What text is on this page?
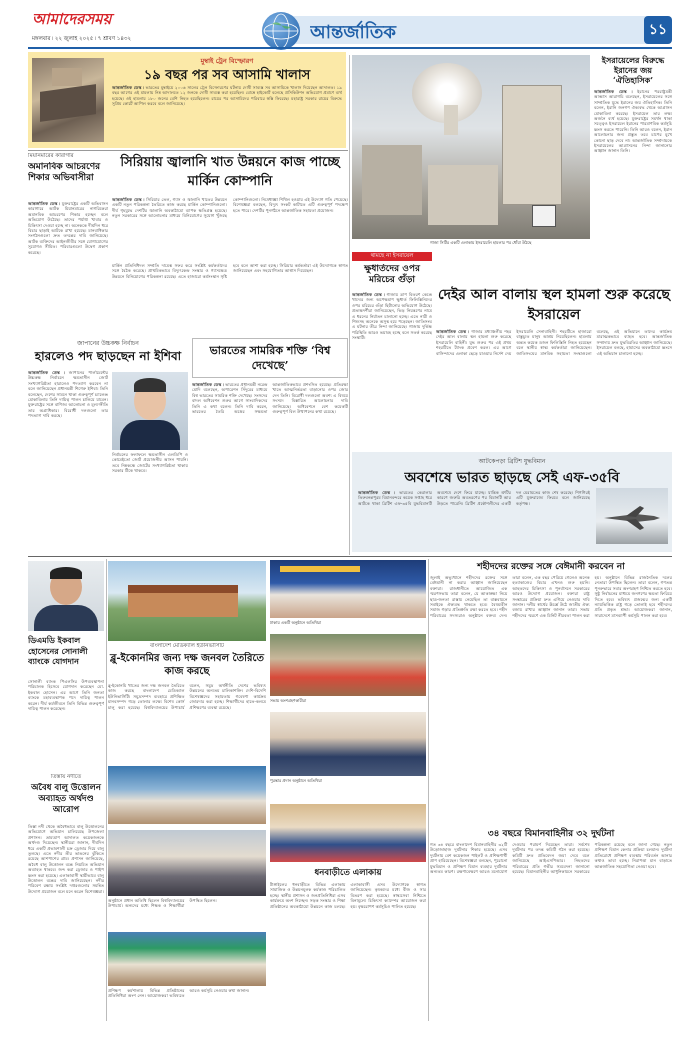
আমাদেরসময়
মঙ্গলবার ৷ ২২ জুলাই ২০২৫ ৷ ৭ শ্রাবণ ১৪৩২	আন্তর্জাতিক	১১
মুম্বাই ট্রেন বিস্ফোরণ
১৯ বছর পর সব আসামি খালাস
আন্তর্জাতিক ডেস্ক ৷ ভারতের মুম্বাইয়ে ২০০৬ সালের ট্রেন বিস্ফোরণের ঘটনায় দোষী সাব্যস্ত সব আসামিকে খালাস দিয়েছেন আদালত। ১৯ বছর আগের এই মামলায় নিম্ন আদালতে ১২ জনকে দোষী সাব্যস্ত করা হয়েছিল। বোম্বে হাইকোর্ট বলেছে প্রসিকিউশন অভিযোগ প্রমাণে ব্যর্থ হয়েছে। ওই হামলায় ১৮০ জনের বেশি নিহত হয়েছিলেন। রায়ের পর আসামিদের পরিবারে স্বস্তি ফিরেছে। মহারাষ্ট্র সরকার রায়ের বিরুদ্ধে সুপ্রিম কোর্টে আপিল করবে বলে জানিয়েছে।
গাজা সিটির একটি এলাকায় ইসরায়েলি হামলার পর ধোঁয়া উঠছে
ইসরায়েলের বিরুদ্ধে ইরানের জয় ‘ঐতিহাসিক’
আন্তর্জাতিক ডেস্ক ৷ ইরানের পররাষ্ট্রমন্ত্রী আব্বাস আরাগচি বলেছেন, ইসরায়েলের সঙ্গে সাম্প্রতিক যুদ্ধে ইরানের জয় ঐতিহাসিক। তিনি বলেন, ইরানি জনগণ ঐক্যবদ্ধ থেকে আগ্রাসন মোকাবিলা করেছে। ইসরায়েল তার লক্ষ্য অর্জনে ব্যর্থ হয়েছে। যুক্তরাষ্ট্রের সমর্থন থাকা সত্ত্বেও ইসরায়েল ইরানের পারমাণবিক কর্মসূচি ধ্বংস করতে পারেনি। তিনি আরও বলেন, ইরান আলোচনার জন্য প্রস্তুত তবে চাপের মুখে কোনো ছাড় দেবে না। আন্তর্জাতিক সম্প্রদায়কে ইসরায়েলের আগ্রাসনের নিন্দা জানানোর আহ্বান জানান তিনি।
মিয়ানমারের কারাগার
অমানবিক আচরণের শিকার অভিবাসীরা
আন্তর্জাতিক ডেস্ক ৷ যুক্তরাষ্ট্রের একটি অভিবাসন কারাগারে আটক মিয়ানমারের নাগরিকেরা অমানবিক আচরণের শিকার হচ্ছেন বলে অভিযোগ উঠেছে। তাদের পর্যাপ্ত খাবার ও চিকিৎসা দেওয়া হচ্ছে না। অনেককে দীর্ঘদিন ধরে বিচার ছাড়াই আটকে রাখা হয়েছে। মানবাধিকার সংগঠনগুলো দ্রুত তদন্তের দাবি জানিয়েছে। আটক ব্যক্তিদের আইনজীবীর সঙ্গে যোগাযোগের সুযোগও সীমিত। পরিবারগুলো উদ্বেগ প্রকাশ করেছে।
সিরিয়ায় জ্বালানি খাত উন্নয়নে কাজ পাচ্ছে মার্কিন কোম্পানি
আন্তর্জাতিক ডেস্ক ৷ সিরিয়ার তেল, গ্যাস ও জ্বালানি খাতের উন্নয়নে একটি নতুন পরিকল্পনা তৈরিতে কাজ করছে মার্কিন কোম্পানিগুলো। দীর্ঘ গৃহযুদ্ধে দেশটির জ্বালানি অবকাঠামো ব্যাপক ক্ষতিগ্রস্ত হয়েছে। নতুন সরকারের সঙ্গে আলোচনার মাধ্যমে বিনিয়োগের সুযোগ খুঁজছে কোম্পানিগুলো। নিষেধাজ্ঞা শিথিল হওয়ায় এই উদ্যোগ গতি পেয়েছে। বিশেষজ্ঞরা বলছেন, বিদ্যুৎ সংকট কাটাতে এটি গুরুত্বপূর্ণ পদক্ষেপ হতে পারে। দেশটির পুনর্গঠনে আন্তর্জাতিক সহায়তা প্রয়োজন।
মার্কিন প্রতিনিধিদল সম্প্রতি দামেস্ক সফর করে সংশ্লিষ্ট কর্মকর্তাদের সঙ্গে বৈঠক করেছে। প্রাথমিকভাবে বিদ্যুৎকেন্দ্র সংস্কার ও গ্যাসক্ষেত্র উন্নয়নে বিনিয়োগের পরিকল্পনা রয়েছে। এতে হাজারো কর্মসংস্থান সৃষ্টি হবে বলে আশা করা হচ্ছে। সিরিয়ার কর্মকর্তারা এই উদ্যোগকে স্বাগত জানিয়েছেন এবং সহযোগিতার আশ্বাস দিয়েছেন।
থামছে না ইসরায়েল
ক্ষুধার্তদের ওপর মরিচের গুঁড়া
আন্তর্জাতিক ডেস্ক ৷ গাজায় ত্রাণ বিতরণ কেন্দ্রে খাদ্যের জন্য অপেক্ষমাণ ক্ষুধার্ত ফিলিস্তিনিদের ওপর মরিচের গুঁড়া ছিটানোর অভিযোগ উঠেছে। প্রত্যক্ষদর্শীরা জানিয়েছেন, ভিড় নিয়ন্ত্রণের নামে এ ধরনের নির্যাতন চালানো হচ্ছে। এতে নারী ও শিশুসহ অনেকে অসুস্থ হয়ে পড়েছেন। জাতিসংঘ এ ঘটনার তীব্র নিন্দা জানিয়েছে। গাজায় দুর্ভিক্ষ পরিস্থিতি আরও ভয়াবহ হচ্ছে বলে সতর্ক করেছে সংস্থাটি।
দেইর আল বালায় স্থল হামলা শুরু করেছে ইসরায়েল
আন্তর্জাতিক ডেস্ক ৷ গাজার মধ্যাঞ্চলীয় শহর দেইর আল বালায় স্থল হামলা শুরু করেছে ইসরায়েলি বাহিনী। যুদ্ধ শুরুর পর এই প্রথম শহরটিতে ট্যাংক প্রবেশ করল। এর আগে বাসিন্দাদের এলাকা ছেড়ে যাওয়ার নির্দেশ দেয় ইসরায়েলি সেনাবাহিনী। শহরটিতে হাজারো বাস্তুচ্যুত মানুষ আশ্রয় নিয়েছিলেন। হামলায় অন্তত কয়েক ডজন ফিলিস্তিনি নিহত হয়েছেন বলে স্থানীয় স্বাস্থ্য কর্মকর্তারা জানিয়েছেন। জাতিসংঘের মানবিক সহায়তা সংস্থাগুলো বলেছে, এই অভিযানে তাদের কার্যক্রম মারাত্মকভাবে ব্যাহত হবে। আন্তর্জাতিক সম্প্রদায় দ্রুত যুদ্ধবিরতির আহ্বান জানিয়েছে। ইসরায়েল বলছে, হামাসের অবকাঠামো ধ্বংসে এই অভিযান চালানো হচ্ছে।
জাপানের উচ্চকক্ষ নির্বাচন
হারলেও পদ ছাড়ছেন না ইশিবা
আন্তর্জাতিক ডেস্ক ৷ জাপানের পার্লামেন্টের উচ্চকক্ষ নির্বাচনে ক্ষমতাসীন জোট সংখ্যাগরিষ্ঠতা হারালেও পদত্যাগ করবেন না বলে জানিয়েছেন প্রধানমন্ত্রী শিগেরু ইশিবা। তিনি বলেছেন, দেশের সামনে থাকা গুরুত্বপূর্ণ চ্যালেঞ্জ মোকাবিলায় তিনি দায়িত্ব পালন চালিয়ে যাবেন। যুক্তরাষ্ট্রের সঙ্গে বাণিজ্য আলোচনা ও মূল্যস্ফীতি তার অগ্রাধিকার। বিরোধী দলগুলো তার পদত্যাগ দাবি করছে।
নির্বাচনের ফলাফলে ক্ষমতাসীন এলডিপি ও কোমেইতো জোট প্রয়োজনীয় আসন পায়নি। তবে নিম্নকক্ষে জোটের সংখ্যাগরিষ্ঠতা থাকায় সরকার টিকে থাকবে।
ভারতের সামরিক শক্তি ‘বিশ্ব দেখেছে’
আন্তর্জাতিক ডেস্ক ৷ ভারতের প্রধানমন্ত্রী নরেন্দ্র মোদি বলেছেন, অপারেশন সিঁদুরের মাধ্যমে বিশ্ব ভারতের সামরিক শক্তি দেখেছে। সংসদের বাদল অধিবেশন শুরুর আগে সাংবাদিকদের তিনি এ কথা বলেন। তিনি দাবি করেন, ভারতের তৈরি অস্ত্রের সক্ষমতা আন্তর্জাতিকভাবে প্রশংসিত হয়েছে। প্রতিরক্ষা খাতে আত্মনির্ভরতা বাড়ানোর ওপর জোর দেন তিনি। বিরোধী দলগুলো অবশ্য এ বিষয়ে সংসদে বিস্তারিত আলোচনার দাবি জানিয়েছে। অধিবেশনে বেশ কয়েকটি গুরুত্বপূর্ণ বিল উত্থাপনের কথা রয়েছে।
আটকেপড়া ব্রিটিশ যুদ্ধবিমান
অবশেষে ভারত ছাড়ছে সেই এফ-৩৫বি
আন্তর্জাতিক ডেস্ক ৷ ভারতের কেরালার তিরুবনন্তপুরম বিমানবন্দরে কয়েক সপ্তাহ ধরে আটকে থাকা ব্রিটিশ এফ-৩৫বি যুদ্ধবিমানটি অবশেষে দেশে ফিরে যাচ্ছে। যান্ত্রিক ত্রুটির কারণে জরুরি অবতরণের পর বিমানটি আর উড়তে পারেনি। ব্রিটিশ প্রকৌশলীদের একটি দল মেরামতের কাজ শেষ করেছে। শিগগিরই এটি যুক্তরাজ্যে ফিরবে বলে জানিয়েছে কর্তৃপক্ষ।
শহীদদের রক্তের সঙ্গে বেঈমানী করবেন না
জুলাই অভ্যুত্থানে শহীদদের রক্তের সঙ্গে বেঈমানী না করার আহ্বান জানিয়েছেন বক্তারা। রাজধানীতে আয়োজিত এক স্মরণসভায় তারা বলেন, যে আকাঙ্ক্ষা নিয়ে ছাত্র-জনতা রাস্তায় নেমেছিল তা বাস্তবায়নে সবাইকে ঐক্যবদ্ধ থাকতে হবে। বৈষম্যহীন সমাজ গড়ার প্রতিশ্রুতি রক্ষা করতে হবে। শহীদ পরিবারের সদস্যরাও অনুষ্ঠানে বক্তব্য দেন। তারা বলেন, এক বছর পেরিয়ে গেলেও অনেক হত্যাকাণ্ডের বিচার এখনও শুরু হয়নি। আহতদের চিকিৎসা ও পুনর্বাসনে সরকারের আরও উদ্যোগ প্রয়োজন। বক্তারা রাষ্ট্র সংস্কারের প্রক্রিয়া দ্রুত এগিয়ে নেওয়ার দাবি জানান। দলীয় স্বার্থের ঊর্ধ্বে উঠে জাতীয় ঐক্য বজায় রাখার আহ্বান জানান তারা। সভায় শহীদদের স্মরণে এক মিনিট নীরবতা পালন করা হয়। অনুষ্ঠানে বিভিন্ন রাজনৈতিক দলের নেতারা উপস্থিত ছিলেন। তারা বলেন, গণতন্ত্র পুনরুদ্ধারে সবার অংশগ্রহণ নিশ্চিত করতে হবে। সুষ্ঠু নির্বাচনের মাধ্যমে জনগণের ক্ষমতা ফিরিয়ে দিতে হবে। ভবিষ্যৎ প্রজন্মের জন্য একটি ন্যায়ভিত্তিক রাষ্ট্র গড়ে তোলাই হবে শহীদদের প্রতি প্রকৃত শ্রদ্ধা। আয়োজকরা জানান, সারাদেশে মাসব্যাপী কর্মসূচি পালন করা হবে।
ডিএমডি ইকবাল হোসেনের সোনালী ব্যাংকে যোগদান
সোনালী ব্যাংক পিএলসির উপব্যবস্থাপনা পরিচালক হিসেবে যোগদান করেছেন মো. ইকবাল হোসেন। এর আগে তিনি জনতা ব্যাংকে মহাব্যবস্থাপক পদে দায়িত্ব পালন করেন। দীর্ঘ কর্মজীবনে তিনি বিভিন্ন গুরুত্বপূর্ণ দায়িত্ব পালন করেছেন।
বাংলাদেশ মেডিক্যাল ইউনিভার্সিটি
ব্লু-ইকোনমির জন্য দক্ষ জনবল তৈরিতে কাজ করছে
ব্লু-ইকোনমি খাতের জন্য দক্ষ জনবল তৈরিতে কাজ করছে বাংলাদেশ মেডিক্যাল ইউনিভার্সিটি। সমুদ্রসম্পদ ব্যবহারে প্রশিক্ষিত মানবসম্পদ গড়ে তোলার লক্ষ্যে বিশেষ কোর্স চালু করা হয়েছে। বিশ্ববিদ্যালয়ের উপাচার্য বলেন, সমুদ্র অর্থনীতি দেশের ভবিষ্যৎ উন্নয়নের অন্যতম চালিকাশক্তি। দেশি-বিদেশি বিশেষজ্ঞদের সহায়তায় গবেষণা কার্যক্রম জোরদার করা হচ্ছে। শিক্ষার্থীদের হাতে-কলমে প্রশিক্ষণের ব্যবস্থা রয়েছে।
ঢাকায় একটি অনুষ্ঠানে অতিথিরা
সভায় অংশগ্রহণকারীরা
পুরস্কার প্রদান অনুষ্ঠানে অতিথিরা
তিস্তায় নদীতে
অবৈধ বালু উত্তোলন অব্যাহত অর্থদণ্ড আরোপ
তিস্তা নদী থেকে অবৈধভাবে বালু উত্তোলনের অভিযোগে অভিযান চালিয়েছে উপজেলা প্রশাসন। ভ্রাম্যমাণ আদালত কয়েকজনকে অর্থদণ্ড দিয়েছেন। স্থানীয়রা জানান, দীর্ঘদিন ধরে একটি প্রভাবশালী চক্র ড্রেজার দিয়ে বালু তুলছে। এতে নদীর তীর ভাঙনের ঝুঁকিতে রয়েছে আশপাশের গ্রাম। প্রশাসন জানিয়েছে, অবৈধ বালু উত্তোলন বন্ধে নিয়মিত অভিযান অব্যাহত থাকবে। জব্দ করা ড্রেজার ও পাইপ ধ্বংস করা হয়েছে। এলাকাবাসী স্থায়ীভাবে বালু উত্তোলন বন্ধের দাবি জানিয়েছেন। নদীর পরিবেশ রক্ষায় সংশ্লিষ্ট দপ্তরগুলোর সমন্বিত উদ্যোগ প্রয়োজন বলে মনে করেন বিশেষজ্ঞরা।
৩৪ বছরে বিমানবাহিনীর ৩২ দুর্ঘটনা
গত ৩৪ বছরে বাংলাদেশ বিমানবাহিনীর ৩২টি উড়োজাহাজ দুর্ঘটনার শিকার হয়েছে। এসব দুর্ঘটনায় বেশ কয়েকজন পাইলট ও প্রশিক্ষণার্থী প্রাণ হারিয়েছেন। বিশেষজ্ঞরা বলছেন, পুরোনো যুদ্ধবিমান ও প্রশিক্ষণ বিমান ব্যবহার দুর্ঘটনার অন্যতম কারণ। রক্ষণাবেক্ষণে আরও মনোযোগ দেওয়ার পরামর্শ দিয়েছেন তারা। সর্বশেষ দুর্ঘটনার পর তদন্ত কমিটি গঠন করা হয়েছে। কমিটি দ্রুত প্রতিবেদন জমা দেবে বলে জানিয়েছে আইএসপিআর। নিহতদের পরিবারের প্রতি গভীর সমবেদনা জানানো হয়েছে। বিমানবাহিনীর আধুনিকায়নে সরকারের পরিকল্পনা রয়েছে বলে জানা গেছে। নতুন প্রশিক্ষণ বিমান কেনার প্রক্রিয়া চলমান। দুর্ঘটনা প্রতিরোধে প্রশিক্ষণ ব্যবস্থায় পরিবর্তন আনার কথাও ভাবা হচ্ছে। নিরাপত্তা মান বাড়াতে আন্তর্জাতিক সহযোগিতা নেওয়া হবে।
ধনবাড়ীতে এলাকায়
টাঙ্গাইলের ধনবাড়ীতে বিভিন্ন এলাকায় সামাজিক ও উন্নয়নমূলক কর্মকাণ্ড পরিচালিত হচ্ছে। স্থানীয় প্রশাসন ও জনপ্রতিনিধিরা এসব কার্যক্রমে অংশ নিচ্ছেন। সড়ক সংস্কার ও শিক্ষা প্রতিষ্ঠানের অবকাঠামো উন্নয়নে কাজ চলছে। এলাকাবাসী এসব উদ্যোগকে স্বাগত জানিয়েছেন। কৃষকদের মধ্যে বীজ ও সার বিতরণ করা হয়েছে। স্বাস্থ্যসেবা নিশ্চিতে বিনামূল্যে চিকিৎসা ক্যাম্পের আয়োজন করা হয়। বৃক্ষরোপণ কর্মসূচিও পালিত হয়েছে।
অনুষ্ঠানে প্রধান অতিথি ছিলেন বিশ্ববিদ্যালয়ের উপাচার্য। অন্যদের মধ্যে শিক্ষক ও শিক্ষার্থীরা উপস্থিত ছিলেন।
প্রশিক্ষণ কর্মশালায় বিভিন্ন প্রতিষ্ঠানের প্রতিনিধিরা অংশ নেন। আয়োজকরা ভবিষ্যতে আরও কর্মসূচি নেওয়ার কথা জানান।
